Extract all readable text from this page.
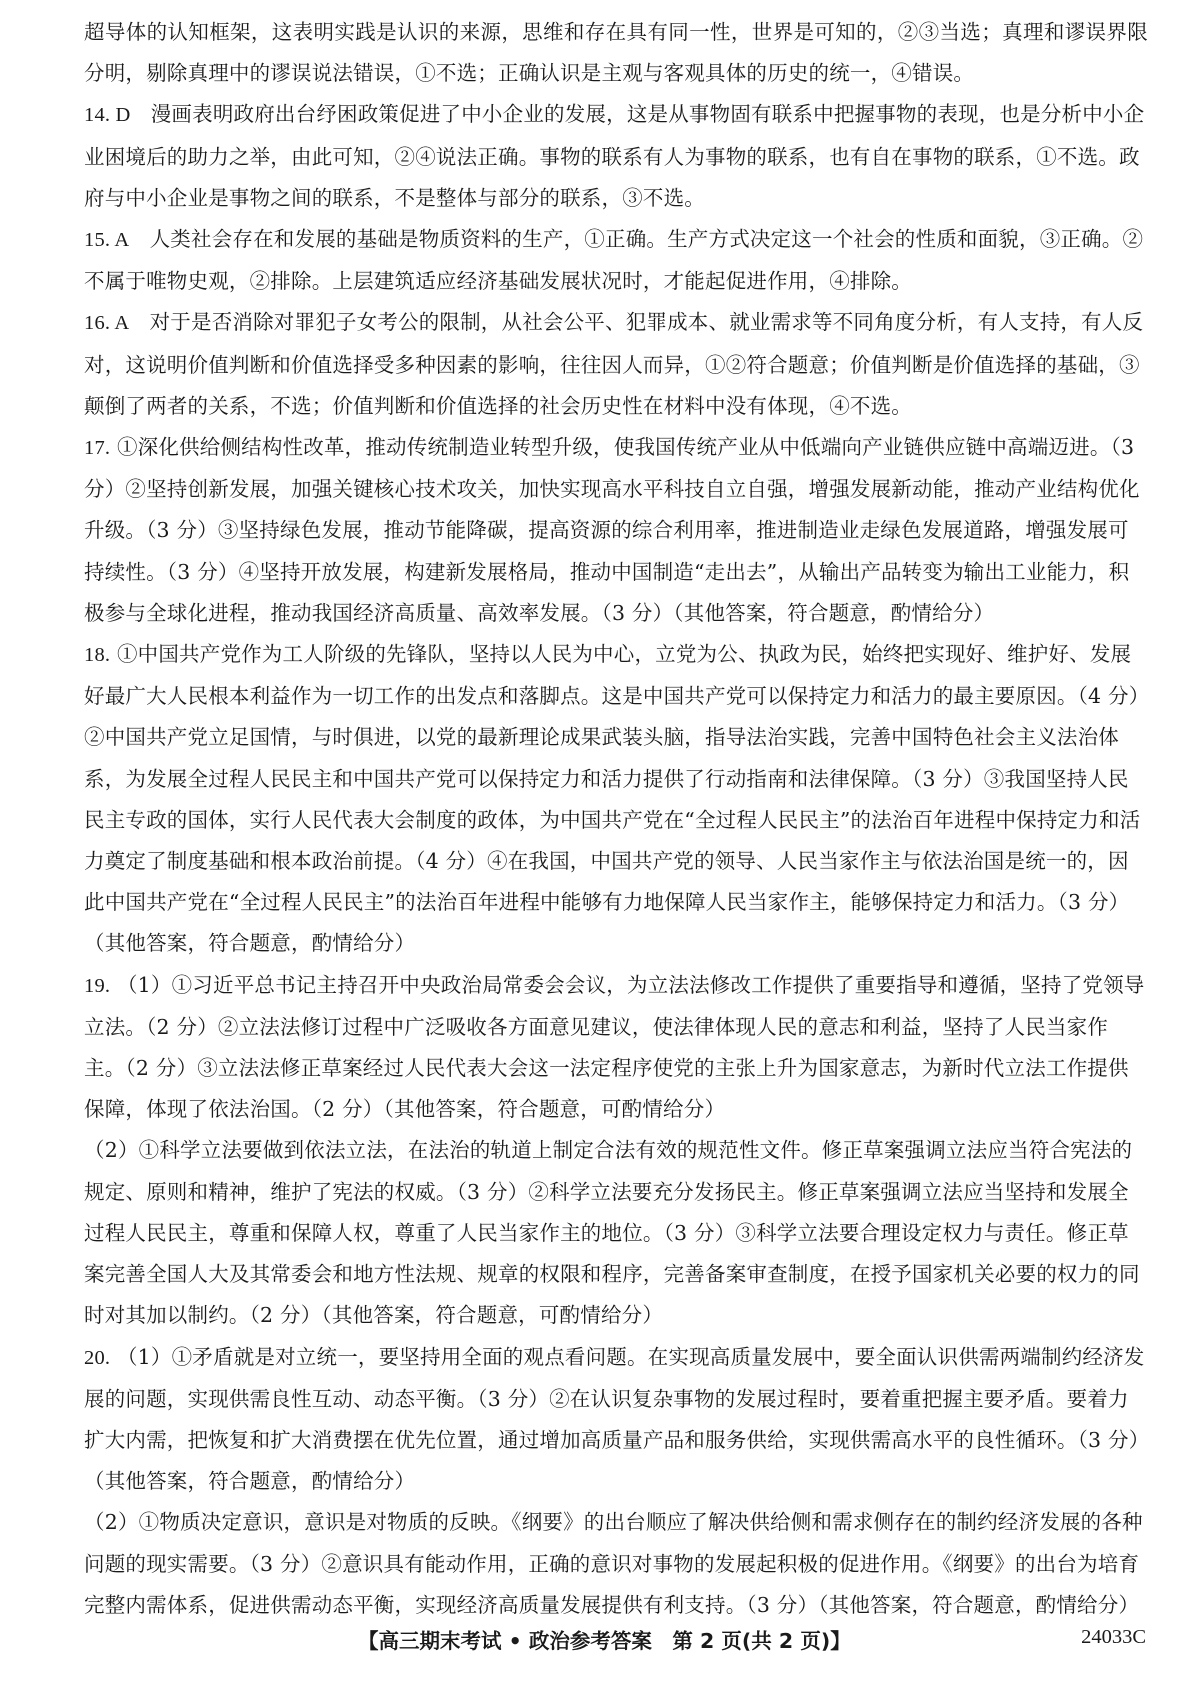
超导体的认知框架，这表明实践是认识的来源，思维和存在具有同一性，世界是可知的，②③当选；真理和谬误界限分明，剔除真理中的谬误说法错误，①不选；正确认识是主观与客观具体的历史的统一，④错误。

14. D 漫画表明政府出台纾困政策促进了中小企业的发展，这是从事物固有联系中把握事物的表现，也是分析中小企业困境后的助力之举，由此可知，②④说法正确。事物的联系有人为事物的联系，也有自在事物的联系，①不选。政府与中小企业是事物之间的联系，不是整体与部分的联系，③不选。
15. A 人类社会存在和发展的基础是物质资料的生产，①正确。生产方式决定这一个社会的性质和面貌，③正确。②不属于唯物史观，②排除。上层建筑适应经济基础发展状况时，才能起促进作用，④排除。
16. A 对于是否消除对罪犯子女考公的限制，从社会公平、犯罪成本、就业需求等不同角度分析，有人支持，有人反对，这说明价值判断和价值选择受多种因素的影响，往往因人而异，①②符合题意；价值判断是价值选择的基础，③颠倒了两者的关系，不选；价值判断和价值选择的社会历史性在材料中没有体现，④不选。
17. ①深化供给侧结构性改革，推动传统制造业转型升级，使我国传统产业从中低端向产业链供应链中高端迈进。（3 分）②坚持创新发展，加强关键核心技术攻关，加快实现高水平科技自立自强，增强发展新动能，推动产业结构优化升级。（3 分）③坚持绿色发展，推动节能降碳，提高资源的综合利用率，推进制造业走绿色发展道路，增强发展可持续性。（3 分）④坚持开放发展，构建新发展格局，推动中国制造“走出去”，从输出产品转变为输出工业能力，积极参与全球化进程，推动我国经济高质量、高效率发展。（3 分）（其他答案，符合题意，酌情给分）
18. ①中国共产党作为工人阶级的先锋队，坚持以人民为中心，立党为公、执政为民，始终把实现好、维护好、发展好最广大人民根本利益作为一切工作的出发点和落脚点。这是中国共产党可以保持定力和活力的最主要原因。（4 分）②中国共产党立足国情，与时俱进，以党的最新理论成果武装头脑，指导法治实践，完善中国特色社会主义法治体系，为发展全过程人民民主和中国共产党可以保持定力和活力提供了行动指南和法律保障。（3 分）③我国坚持人民民主专政的国体，实行人民代表大会制度的政体，为中国共产党在“全过程人民民主”的法治百年进程中保持定力和活力奠定了制度基础和根本政治前提。（4 分）④在我国，中国共产党的领导、人民当家作主与依法治国是统一的，因此中国共产党在“全过程人民民主”的法治百年进程中能够有力地保障人民当家作主，能够保持定力和活力。（3 分）（其他答案，符合题意，酌情给分）
19. （1）①习近平总书记主持召开中央政治局常委会会议，为立法法修改工作提供了重要指导和遵循，坚持了党领导立法。（2 分）②立法法修订过程中广泛吸收各方面意见建议，使法律体现人民的意志和利益，坚持了人民当家作主。（2 分）③立法法修正草案经过人民代表大会这一法定程序使党的主张上升为国家意志，为新时代立法工作提供保障，体现了依法治国。（2 分）（其他答案，符合题意，可酌情给分）

（2）①科学立法要做到依法立法，在法治的轨道上制定合法有效的规范性文件。修正草案强调立法应当符合宪法的规定、原则和精神，维护了宪法的权威。（3 分）②科学立法要充分发扬民主。修正草案强调立法应当坚持和发展全过程人民民主，尊重和保障人权，尊重了人民当家作主的地位。（3 分）③科学立法要合理设定权力与责任。修正草案完善全国人大及其常委会和地方性法规、规章的权限和程序，完善备案审查制度，在授予国家机关必要的权力的同时对其加以制约。（2 分）（其他答案，符合题意，可酌情给分）

20. （1）①矛盾就是对立统一，要坚持用全面的观点看问题。在实现高质量发展中，要全面认识供需两端制约经济发展的问题，实现供需良性互动、动态平衡。（3 分）②在认识复杂事物的发展过程时，要着重把握主要矛盾。要着力扩大内需，把恢复和扩大消费摆在优先位置，通过增加高质量产品和服务供给，实现供需高水平的良性循环。（3 分）（其他答案，符合题意，酌情给分）

（2）①物质决定意识，意识是对物质的反映。《纲要》的出台顺应了解决供给侧和需求侧存在的制约经济发展的各种问题的现实需要。（3 分）②意识具有能动作用，正确的意识对事物的发展起积极的促进作用。《纲要》的出台为培育完整内需体系，促进供需动态平衡，实现经济高质量发展提供有利支持。（3 分）（其他答案，符合题意，酌情给分）

【高三期末考试 • 政治参考答案　第 2 页(共 2 页)】	24033C
